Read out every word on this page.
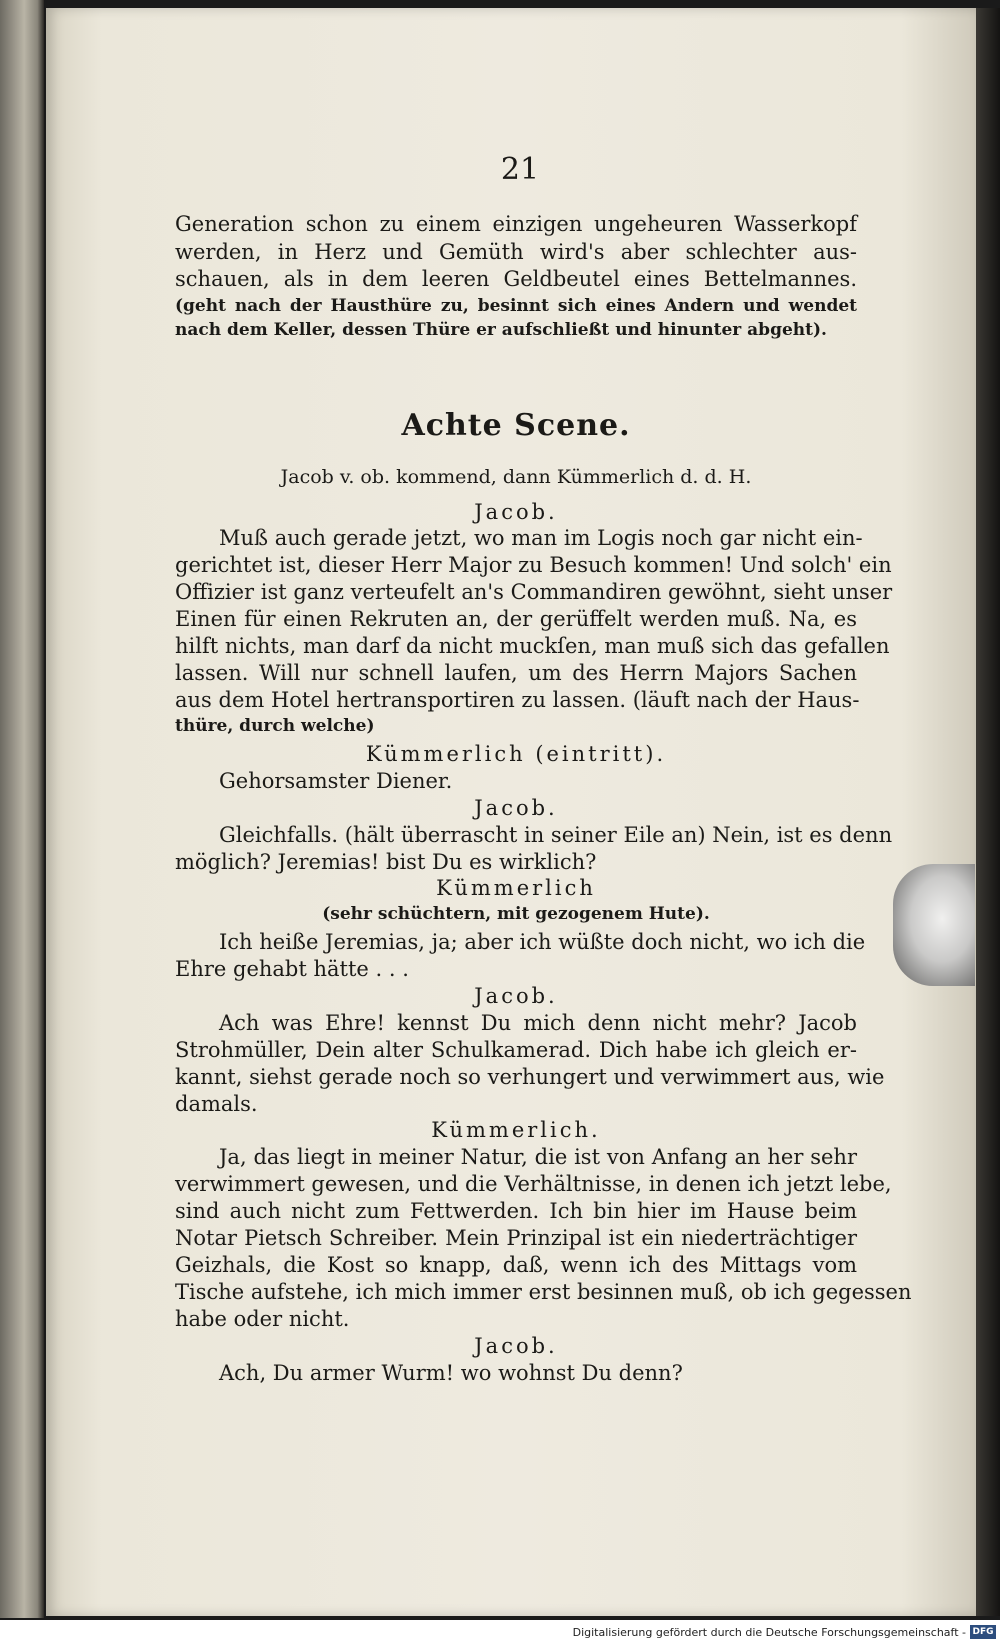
21
Generation schon zu einem einzigen ungeheuren Wasserkopf
werden, in Herz und Gemüth wird's aber schlechter aus-
schauen, als in dem leeren Geldbeutel eines Bettelmannes.
(geht nach der Hausthüre zu, besinnt sich eines Andern und wendet
nach dem Keller, dessen Thüre er aufschließt und hinunter abgeht).
Achte Scene.
Jacob v. ob. kommend, dann Kümmerlich d. d. H.
Jacob.
Muß auch gerade jetzt, wo man im Logis noch gar nicht ein-
gerichtet ist, dieser Herr Major zu Besuch kommen! Und solch' ein
Offizier ist ganz verteufelt an's Commandiren gewöhnt, sieht unser
Einen für einen Rekruten an, der gerüffelt werden muß. Na, es
hilft nichts, man darf da nicht muckſen, man muß sich das gefallen
lassen. Will nur schnell laufen, um des Herrn Majors Sachen
aus dem Hotel hertransportiren zu lassen. (läuft nach der Haus-
thüre, durch welche)
Kümmerlich (eintritt).
Gehorsamster Diener.
Jacob.
Gleichfalls. (hält überrascht in seiner Eile an) Nein, ist es denn
möglich? Jeremias! bist Du es wirklich?
Kümmerlich
(sehr schüchtern, mit gezogenem Hute).
Ich heiße Jeremias, ja; aber ich wüßte doch nicht, wo ich die
Ehre gehabt hätte . . .
Jacob.
Ach was Ehre! kennst Du mich denn nicht mehr? Jacob
Strohmüller, Dein alter Schulkamerad. Dich habe ich gleich er-
kannt, siehst gerade noch so verhungert und verwimmert aus, wie
damals.
Kümmerlich.
Ja, das liegt in meiner Natur, die ist von Anfang an her sehr
verwimmert gewesen, und die Verhältnisse, in denen ich jetzt lebe,
sind auch nicht zum Fettwerden. Ich bin hier im Hause beim
Notar Pietsch Schreiber. Mein Prinzipal ist ein niederträchtiger
Geizhals, die Kost so knapp, daß, wenn ich des Mittags vom
Tische aufstehe, ich mich immer erst besinnen muß, ob ich gegessen
habe oder nicht.
Jacob.
Ach, Du armer Wurm! wo wohnst Du denn?
Digitalisierung gefördert durch die Deutsche Forschungsgemeinschaft - DFG
